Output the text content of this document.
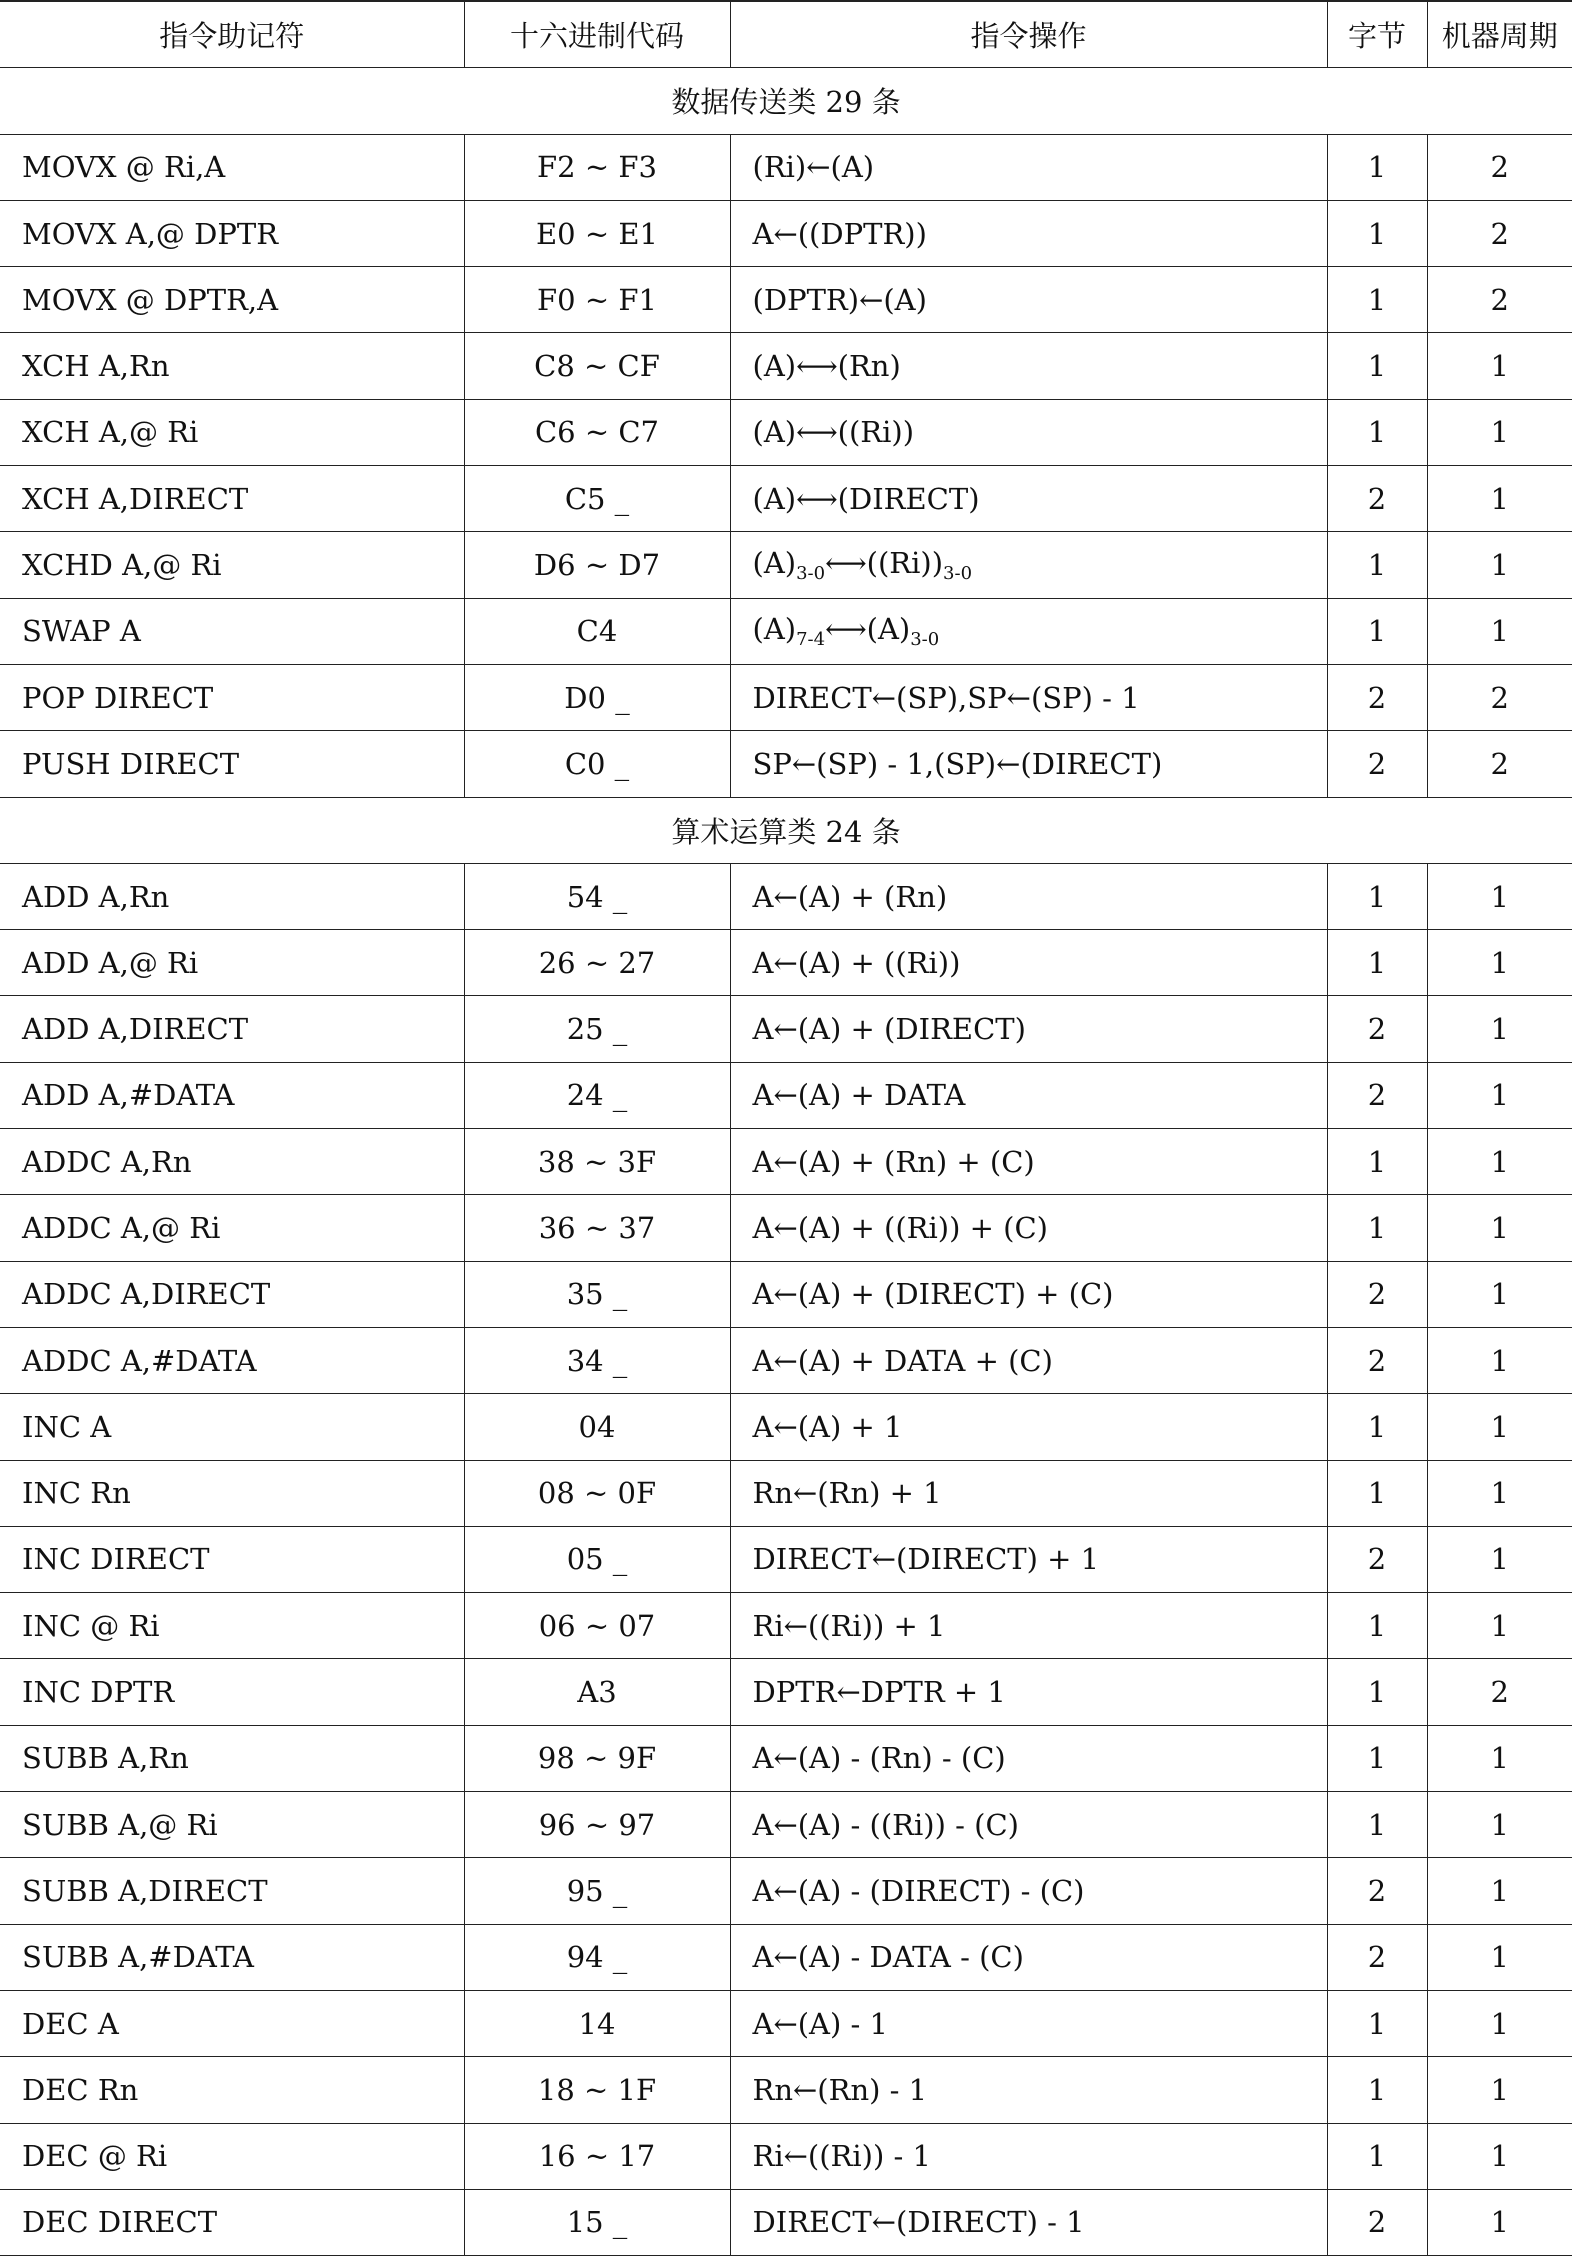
指令助记符	十六进制代码	指令操作	字节	机器周期
数据传送类 29 条				
MOVX @ Ri,A	F2 ~ F3	(Ri)←(A)	1	2
MOVX A,@ DPTR	E0 ~ E1	A←((DPTR))	1	2
MOVX @ DPTR,A	F0 ~ F1	(DPTR)←(A)	1	2
XCH A,Rn	C8 ~ CF	(A)⟷(Rn)	1	1
XCH A,@ Ri	C6 ~ C7	(A)⟷((Ri))	1	1
XCH A,DIRECT	C5 _	(A)⟷(DIRECT)	2	1
XCHD A,@ Ri	D6 ~ D7	$(A)_{3-0}⟷((Ri))_{3-0}$	1	1
SWAP A	C4	$(A)_{7-4}⟷(A)_{3-0}$	1	1
POP DIRECT	D0 _	DIRECT←(SP),SP←(SP) - 1	2	2
PUSH DIRECT	C0 _	SP←(SP) - 1,(SP)←(DIRECT)	2	2
算术运算类 24 条				
ADD A,Rn	54 _	A←(A) + (Rn)	1	1
ADD A,@ Ri	26 ~ 27	A←(A) + ((Ri))	1	1
ADD A,DIRECT	25 _	A←(A) + (DIRECT)	2	1
ADD A,#DATA	24 _	A←(A) + DATA	2	1
ADDC A,Rn	38 ~ 3F	A←(A) + (Rn) + (C)	1	1
ADDC A,@ Ri	36 ~ 37	A←(A) + ((Ri)) + (C)	1	1
ADDC A,DIRECT	35 _	A←(A) + (DIRECT) + (C)	2	1
ADDC A,#DATA	34 _	A←(A) + DATA + (C)	2	1
INC A	04	A←(A) + 1	1	1
INC Rn	08 ~ 0F	Rn←(Rn) + 1	1	1
INC DIRECT	05 _	DIRECT←(DIRECT) + 1	2	1
INC @ Ri	06 ~ 07	Ri←((Ri)) + 1	1	1
INC DPTR	A3	DPTR←DPTR + 1	1	2
SUBB A,Rn	98 ~ 9F	A←(A) - (Rn) - (C)	1	1
SUBB A,@ Ri	96 ~ 97	A←(A) - ((Ri)) - (C)	1	1
SUBB A,DIRECT	95 _	A←(A) - (DIRECT) - (C)	2	1
SUBB A,#DATA	94 _	A←(A) - DATA - (C)	2	1
DEC A	14	A←(A) - 1	1	1
DEC Rn	18 ~ 1F	Rn←(Rn) - 1	1	1
DEC @ Ri	16 ~ 17	Ri←((Ri)) - 1	1	1
DEC DIRECT	15 _	DIRECT←(DIRECT) - 1	2	1
